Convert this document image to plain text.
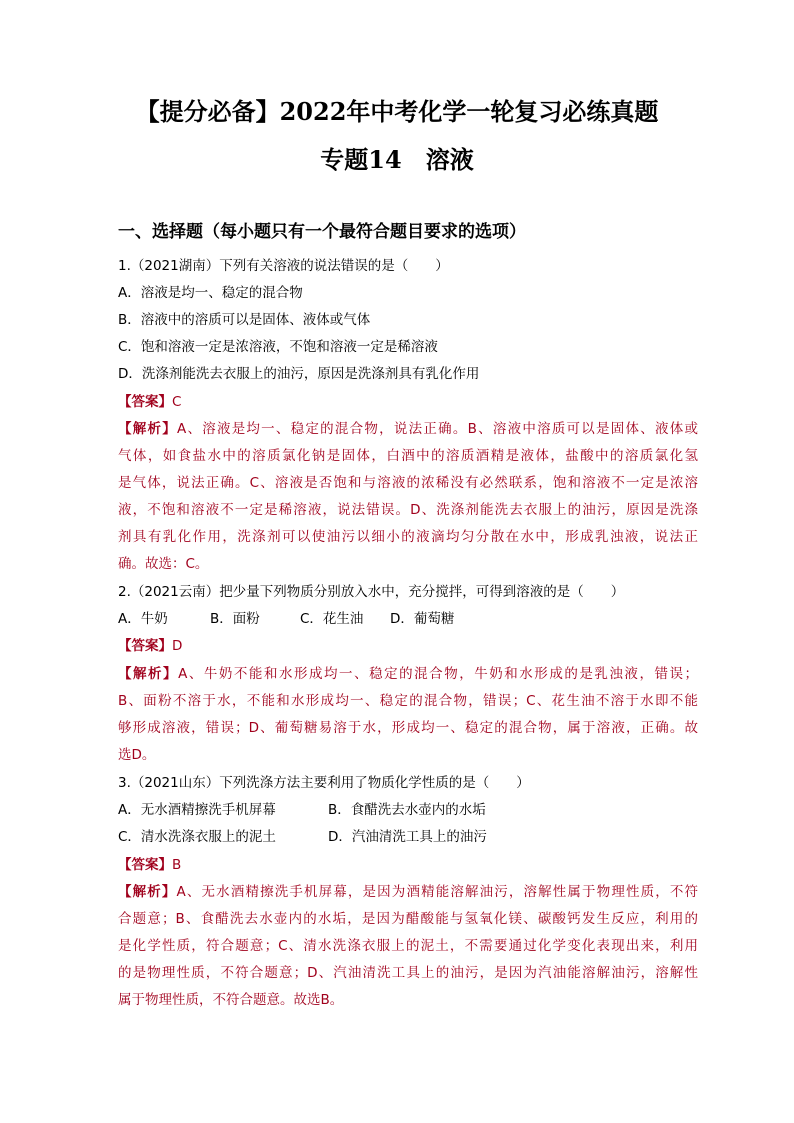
【提分必备】2022年中考化学一轮复习必练真题
专题14　溶液
一、选择题（每小题只有一个最符合题目要求的选项）
1.（2021湖南）下列有关溶液的说法错误的是（　　）
A．溶液是均一、稳定的混合物
B．溶液中的溶质可以是固体、液体或气体
C．饱和溶液一定是浓溶液，不饱和溶液一定是稀溶液
D．洗涤剂能洗去衣服上的油污，原因是洗涤剂具有乳化作用
【答案】C
【解析】A、溶液是均一、稳定的混合物，说法正确。B、溶液中溶质可以是固体、液体或
气体，如食盐水中的溶质氯化钠是固体，白酒中的溶质酒精是液体，盐酸中的溶质氯化氢
是气体，说法正确。C、溶液是否饱和与溶液的浓稀没有必然联系，饱和溶液不一定是浓溶
液，不饱和溶液不一定是稀溶液，说法错误。D、洗涤剂能洗去衣服上的油污，原因是洗涤
剂具有乳化作用，洗涤剂可以使油污以细小的液滴均匀分散在水中，形成乳浊液，说法正
确。故选：C。
2.（2021云南）把少量下列物质分别放入水中，充分搅拌，可得到溶液的是（　　）
A．牛奶	B．面粉	C．花生油 D．葡萄糖
【答案】D
【解析】A、牛奶不能和水形成均一、稳定的混合物，牛奶和水形成的是乳浊液，错误；
B、面粉不溶于水，不能和水形成均一、稳定的混合物，错误；C、花生油不溶于水即不能
够形成溶液，错误；D、葡萄糖易溶于水，形成均一、稳定的混合物，属于溶液，正确。故
选D。
3.（2021山东）下列洗涤方法主要利用了物质化学性质的是（　　）
A．无水酒精擦洗手机屏幕	B．食醋洗去水壶内的水垢
C．清水洗涤衣服上的泥土	D．汽油清洗工具上的油污
【答案】B
【解析】A、无水酒精擦洗手机屏幕，是因为酒精能溶解油污，溶解性属于物理性质，不符
合题意；B、食醋洗去水壶内的水垢，是因为醋酸能与氢氧化镁、碳酸钙发生反应，利用的
是化学性质，符合题意；C、清水洗涤衣服上的泥土，不需要通过化学变化表现出来，利用
的是物理性质，不符合题意；D、汽油清洗工具上的油污，是因为汽油能溶解油污，溶解性
属于物理性质，不符合题意。故选B。
